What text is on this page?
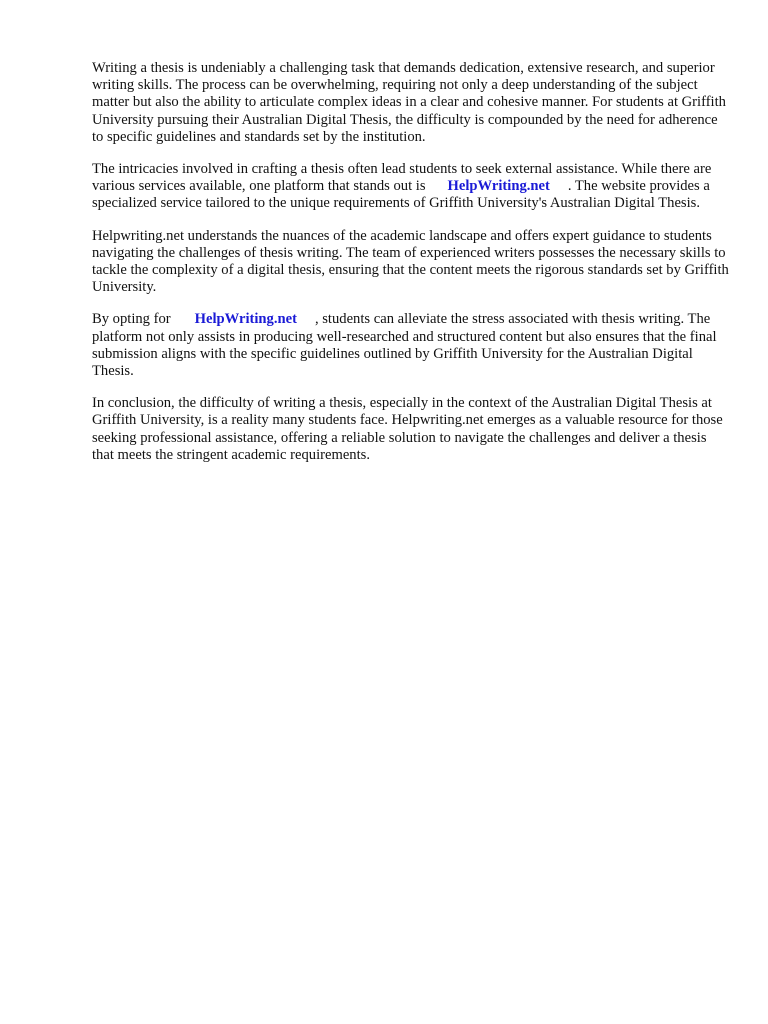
Writing a thesis is undeniably a challenging task that demands dedication, extensive research, and superior writing skills. The process can be overwhelming, requiring not only a deep understanding of the subject matter but also the ability to articulate complex ideas in a clear and cohesive manner. For students at Griffith University pursuing their Australian Digital Thesis, the difficulty is compounded by the need for adherence to specific guidelines and standards set by the institution.

The intricacies involved in crafting a thesis often lead students to seek external assistance. While there are various services available, one platform that stands out is HelpWriting.net . The website provides a specialized service tailored to the unique requirements of Griffith University's Australian Digital Thesis.

Helpwriting.net understands the nuances of the academic landscape and offers expert guidance to students navigating the challenges of thesis writing. The team of experienced writers possesses the necessary skills to tackle the complexity of a digital thesis, ensuring that the content meets the rigorous standards set by Griffith University.

By opting for HelpWriting.net , students can alleviate the stress associated with thesis writing. The platform not only assists in producing well-researched and structured content but also ensures that the final submission aligns with the specific guidelines outlined by Griffith University for the Australian Digital Thesis.

In conclusion, the difficulty of writing a thesis, especially in the context of the Australian Digital Thesis at Griffith University, is a reality many students face. Helpwriting.net emerges as a valuable resource for those seeking professional assistance, offering a reliable solution to navigate the challenges and deliver a thesis that meets the stringent academic requirements.
